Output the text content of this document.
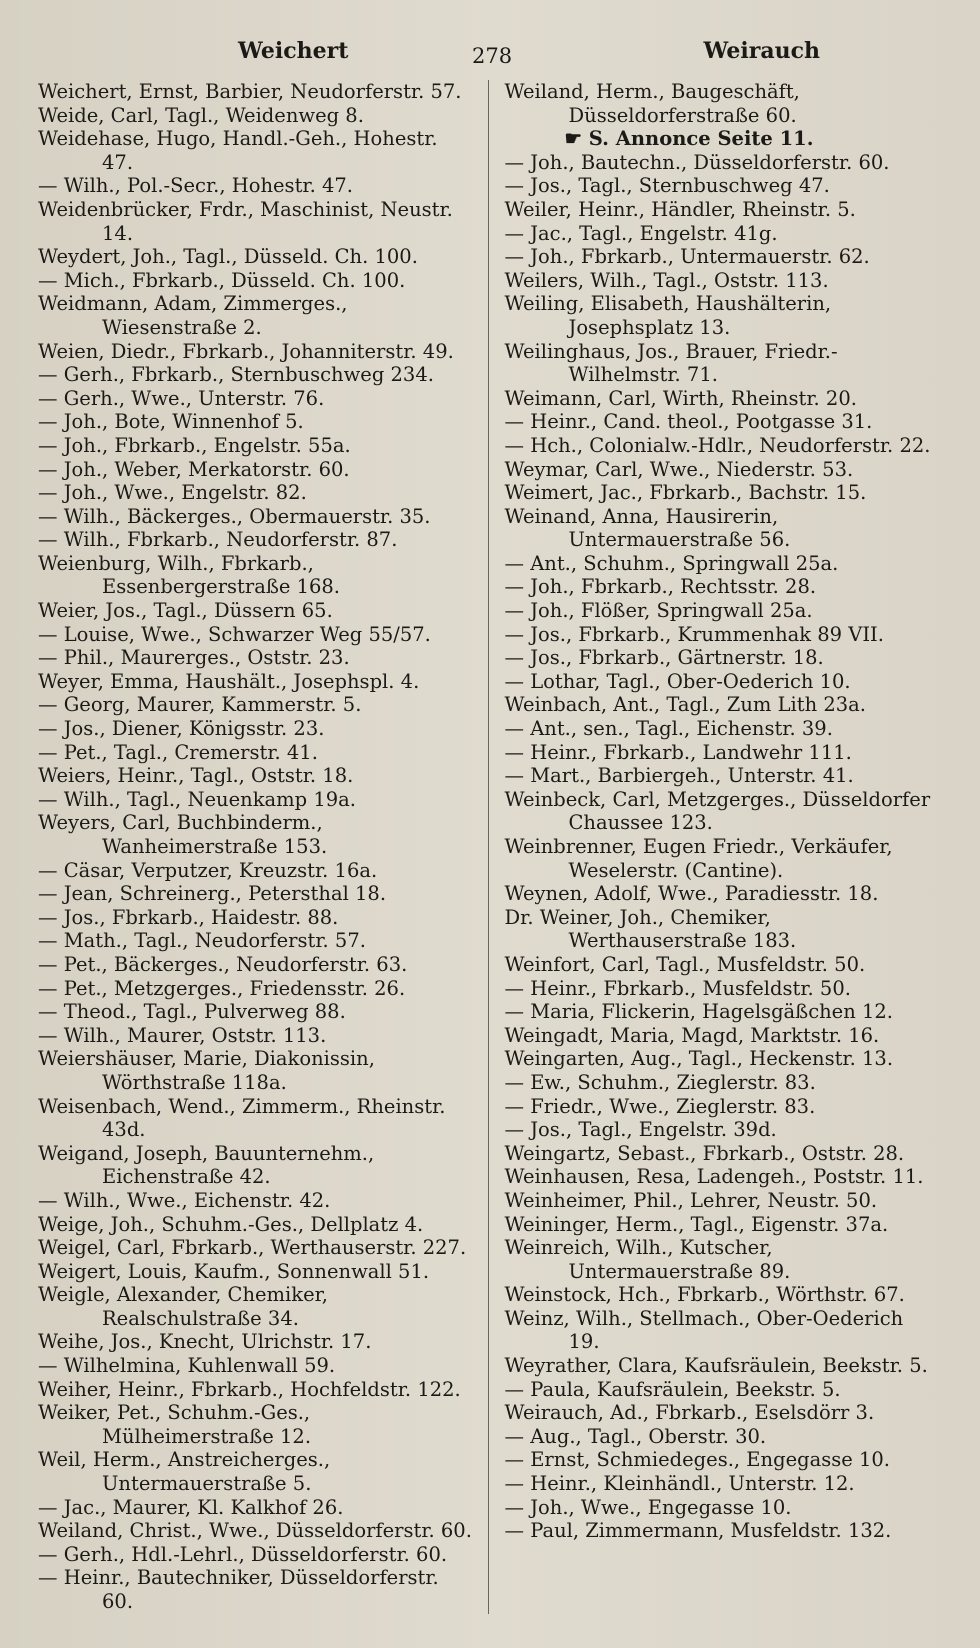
Weichert	278	Weirauch
Weichert, Ernst, Barbier, Neudorferstr. 57.
Weide, Carl, Tagl., Weidenweg 8.
Weidehase, Hugo, Handl.-Geh., Hohestr. 47.
— Wilh., Pol.-Secr., Hohestr. 47.
Weidenbrücker, Frdr., Maschinist, Neustr. 14.
Weydert, Joh., Tagl., Düsseld. Ch. 100.
— Mich., Fbrkarb., Düsseld. Ch. 100.
Weidmann, Adam, Zimmerges., Wiesenstraße 2.
Weien, Diedr., Fbrkarb., Johanniterstr. 49.
— Gerh., Fbrkarb., Sternbuschweg 234.
— Gerh., Wwe., Unterstr. 76.
— Joh., Bote, Winnenhof 5.
— Joh., Fbrkarb., Engelstr. 55a.
— Joh., Weber, Merkatorstr. 60.
— Joh., Wwe., Engelstr. 82.
— Wilh., Bäckerges., Obermauerstr. 35.
— Wilh., Fbrkarb., Neudorferstr. 87.
Weienburg, Wilh., Fbrkarb., Essenbergerstraße 168.
Weier, Jos., Tagl., Düssern 65.
— Louise, Wwe., Schwarzer Weg 55/57.
— Phil., Maurerges., Oststr. 23.
Weyer, Emma, Haushält., Josephspl. 4.
— Georg, Maurer, Kammerstr. 5.
— Jos., Diener, Königsstr. 23.
— Pet., Tagl., Cremerstr. 41.
Weiers, Heinr., Tagl., Oststr. 18.
— Wilh., Tagl., Neuenkamp 19a.
Weyers, Carl, Buchbinderm., Wanheimerstraße 153.
— Cäsar, Verputzer, Kreuzstr. 16a.
— Jean, Schreinerg., Petersthal 18.
— Jos., Fbrkarb., Haidestr. 88.
— Math., Tagl., Neudorferstr. 57.
— Pet., Bäckerges., Neudorferstr. 63.
— Pet., Metzgerges., Friedensstr. 26.
— Theod., Tagl., Pulverweg 88.
— Wilh., Maurer, Oststr. 113.
Weiershäuser, Marie, Diakonissin, Wörthstraße 118a.
Weisenbach, Wend., Zimmerm., Rheinstr. 43d.
Weigand, Joseph, Bauunternehm., Eichenstraße 42.
— Wilh., Wwe., Eichenstr. 42.
Weige, Joh., Schuhm.-Ges., Dellplatz 4.
Weigel, Carl, Fbrkarb., Werthauserstr. 227.
Weigert, Louis, Kaufm., Sonnenwall 51.
Weigle, Alexander, Chemiker, Realschulstraße 34.
Weihe, Jos., Knecht, Ulrichstr. 17.
— Wilhelmina, Kuhlenwall 59.
Weiher, Heinr., Fbrkarb., Hochfeldstr. 122.
Weiker, Pet., Schuhm.-Ges., Mülheimerstraße 12.
Weil, Herm., Anstreicherges., Untermauerstraße 5.
— Jac., Maurer, Kl. Kalkhof 26.
Weiland, Christ., Wwe., Düsseldorferstr. 60.
— Gerh., Hdl.-Lehrl., Düsseldorferstr. 60.
— Heinr., Bautechniker, Düsseldorferstr. 60.
Weiland, Herm., Baugeschäft, Düsseldorferstraße 60.
☛ S. Annonce Seite 11.
— Joh., Bautechn., Düsseldorferstr. 60.
— Jos., Tagl., Sternbuschweg 47.
Weiler, Heinr., Händler, Rheinstr. 5.
— Jac., Tagl., Engelstr. 41g.
— Joh., Fbrkarb., Untermauerstr. 62.
Weilers, Wilh., Tagl., Oststr. 113.
Weiling, Elisabeth, Haushälterin, Josephsplatz 13.
Weilinghaus, Jos., Brauer, Friedr.-Wilhelmstr. 71.
Weimann, Carl, Wirth, Rheinstr. 20.
— Heinr., Cand. theol., Pootgasse 31.
— Hch., Colonialw.-Hdlr., Neudorferstr. 22.
Weymar, Carl, Wwe., Niederstr. 53.
Weimert, Jac., Fbrkarb., Bachstr. 15.
Weinand, Anna, Hausirerin, Untermauerstraße 56.
— Ant., Schuhm., Springwall 25a.
— Joh., Fbrkarb., Rechtsstr. 28.
— Joh., Flößer, Springwall 25a.
— Jos., Fbrkarb., Krummenhak 89 VII.
— Jos., Fbrkarb., Gärtnerstr. 18.
— Lothar, Tagl., Ober-Oederich 10.
Weinbach, Ant., Tagl., Zum Lith 23a.
— Ant., sen., Tagl., Eichenstr. 39.
— Heinr., Fbrkarb., Landwehr 111.
— Mart., Barbiergeh., Unterstr. 41.
Weinbeck, Carl, Metzgerges., Düsseldorfer Chaussee 123.
Weinbrenner, Eugen Friedr., Verkäufer, Weselerstr. (Cantine).
Weynen, Adolf, Wwe., Paradiesstr. 18.
Dr. Weiner, Joh., Chemiker, Werthauserstraße 183.
Weinfort, Carl, Tagl., Musfeldstr. 50.
— Heinr., Fbrkarb., Musfeldstr. 50.
— Maria, Flickerin, Hagelsgäßchen 12.
Weingadt, Maria, Magd, Marktstr. 16.
Weingarten, Aug., Tagl., Heckenstr. 13.
— Ew., Schuhm., Zieglerstr. 83.
— Friedr., Wwe., Zieglerstr. 83.
— Jos., Tagl., Engelstr. 39d.
Weingartz, Sebast., Fbrkarb., Oststr. 28.
Weinhausen, Resa, Ladengeh., Poststr. 11.
Weinheimer, Phil., Lehrer, Neustr. 50.
Weininger, Herm., Tagl., Eigenstr. 37a.
Weinreich, Wilh., Kutscher, Untermauerstraße 89.
Weinstock, Hch., Fbrkarb., Wörthstr. 67.
Weinz, Wilh., Stellmach., Ober-Oederich 19.
Weyrather, Clara, Kaufsräulein, Beekstr. 5.
— Paula, Kaufsräulein, Beekstr. 5.
Weirauch, Ad., Fbrkarb., Eselsdörr 3.
— Aug., Tagl., Oberstr. 30.
— Ernst, Schmiedeges., Engegasse 10.
— Heinr., Kleinhändl., Unterstr. 12.
— Joh., Wwe., Engegasse 10.
— Paul, Zimmermann, Musfeldstr. 132.
